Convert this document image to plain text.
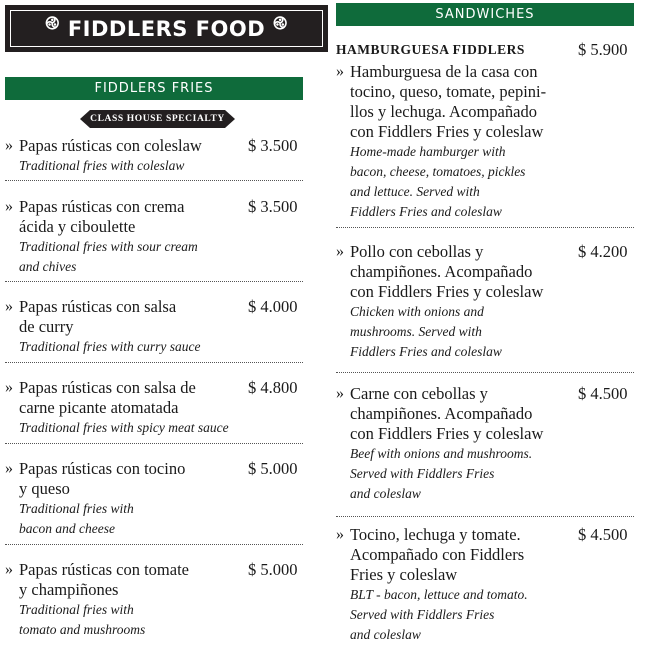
࿋ FIDDLERS FOOD ࿋
FIDDLERS FRIES
CLASS HOUSE SPECIALTY
SANDWICHES
HAMBURGUESA FIDDLERS
» Papas rústicas con coleslaw
Traditional fries with coleslaw
$ 3.500
» Papas rústicas con crema
ácida y ciboulette
Traditional fries with sour cream
and chives
$ 3.500
» Papas rústicas con salsa
de curry
Traditional fries with curry sauce
$ 4.000
» Papas rústicas con salsa de
carne picante atomatada
Traditional fries with spicy meat sauce
$ 4.800
» Papas rústicas con tocino
y queso
Traditional fries with
bacon and cheese
$ 5.000
» Papas rústicas con tomate
y champiñones
Traditional fries with
tomato and mushrooms
$ 5.000
» Hamburguesa de la casa con
tocino, queso, tomate, pepini-
llos y lechuga. Acompañado
con Fiddlers Fries y coleslaw
Home-made hamburger with
bacon, cheese, tomatoes, pickles
and lettuce. Served with
Fiddlers Fries and coleslaw
$ 5.900
» Pollo con cebollas y
champiñones. Acompañado
con Fiddlers Fries y coleslaw
Chicken with onions and
mushrooms. Served with
Fiddlers Fries and coleslaw
$ 4.200
» Carne con cebollas y
champiñones. Acompañado
con Fiddlers Fries y coleslaw
Beef with onions and mushrooms.
Served with Fiddlers Fries
and coleslaw
$ 4.500
» Tocino, lechuga y tomate.
Acompañado con Fiddlers
Fries y coleslaw
BLT - bacon, lettuce and tomato.
Served with Fiddlers Fries
and coleslaw
$ 4.500
